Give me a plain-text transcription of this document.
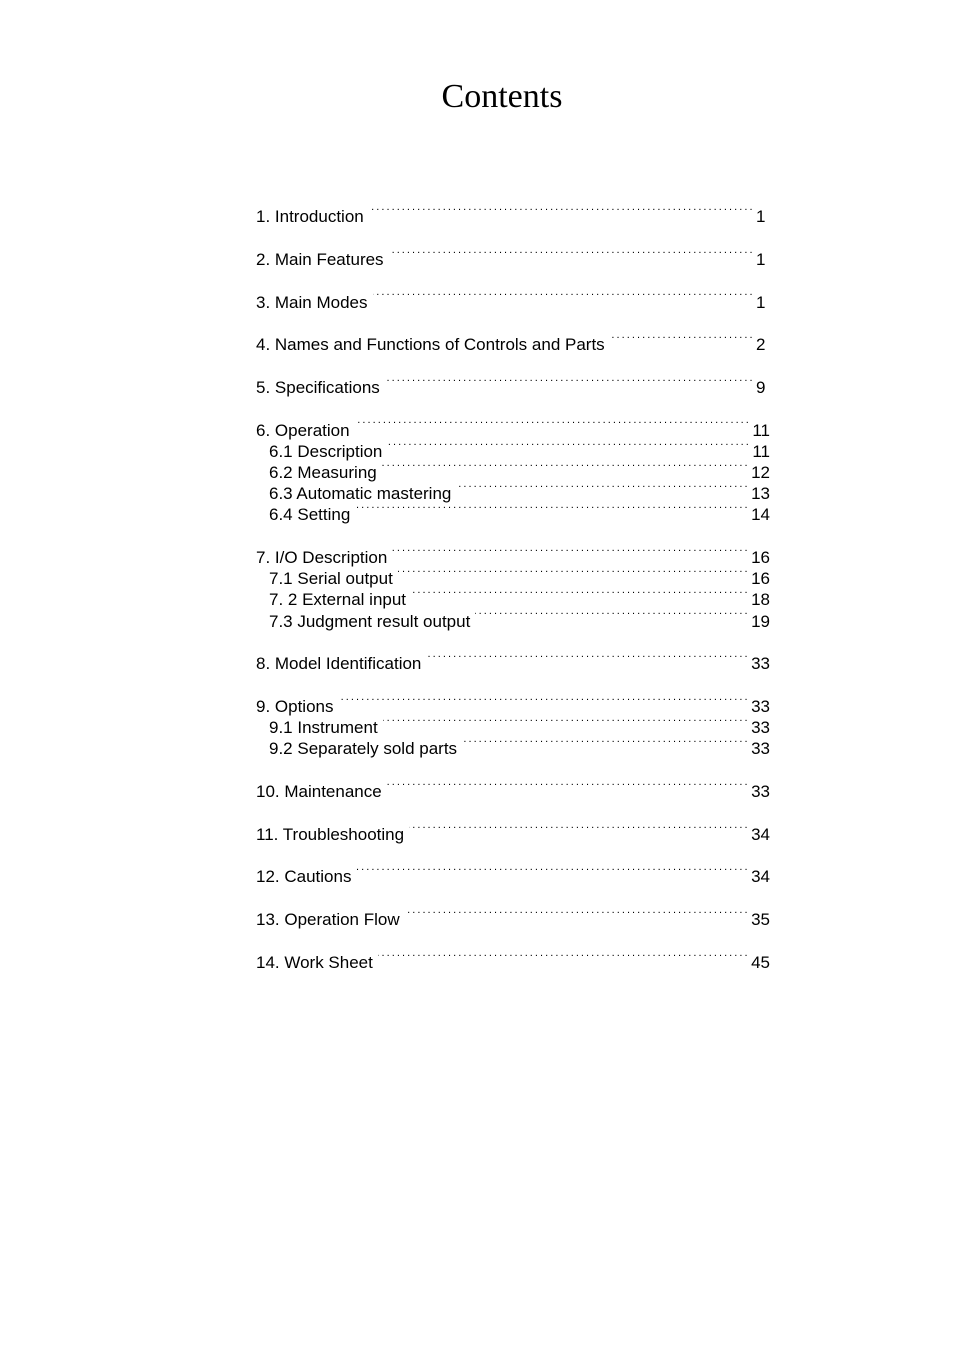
Contents
1. Introduction . . .	1
2. Main Features . . .	1
3. Main Modes . . .	1
4. Names and Functions of Controls and Parts . . .	2
5. Specifications . . .	9
6. Operation . . .	11
6.1 Description . . .	11
6.2 Measuring . . .	12
6.3 Automatic mastering . . .	13
6.4 Setting . . .	14
7. I/O Description . . .	16
7.1 Serial output . . .	16
7. 2 External input . . .	18
7.3 Judgment result output . . .	19
8. Model Identification . . .	33
9. Options . . .	33
9.1 Instrument . . .	33
9.2 Separately sold parts . . .	33
10. Maintenance . . .	33
11. Troubleshooting . . .	34
12. Cautions . . .	34
13. Operation Flow . . .	35
14. Work Sheet . . .	45
